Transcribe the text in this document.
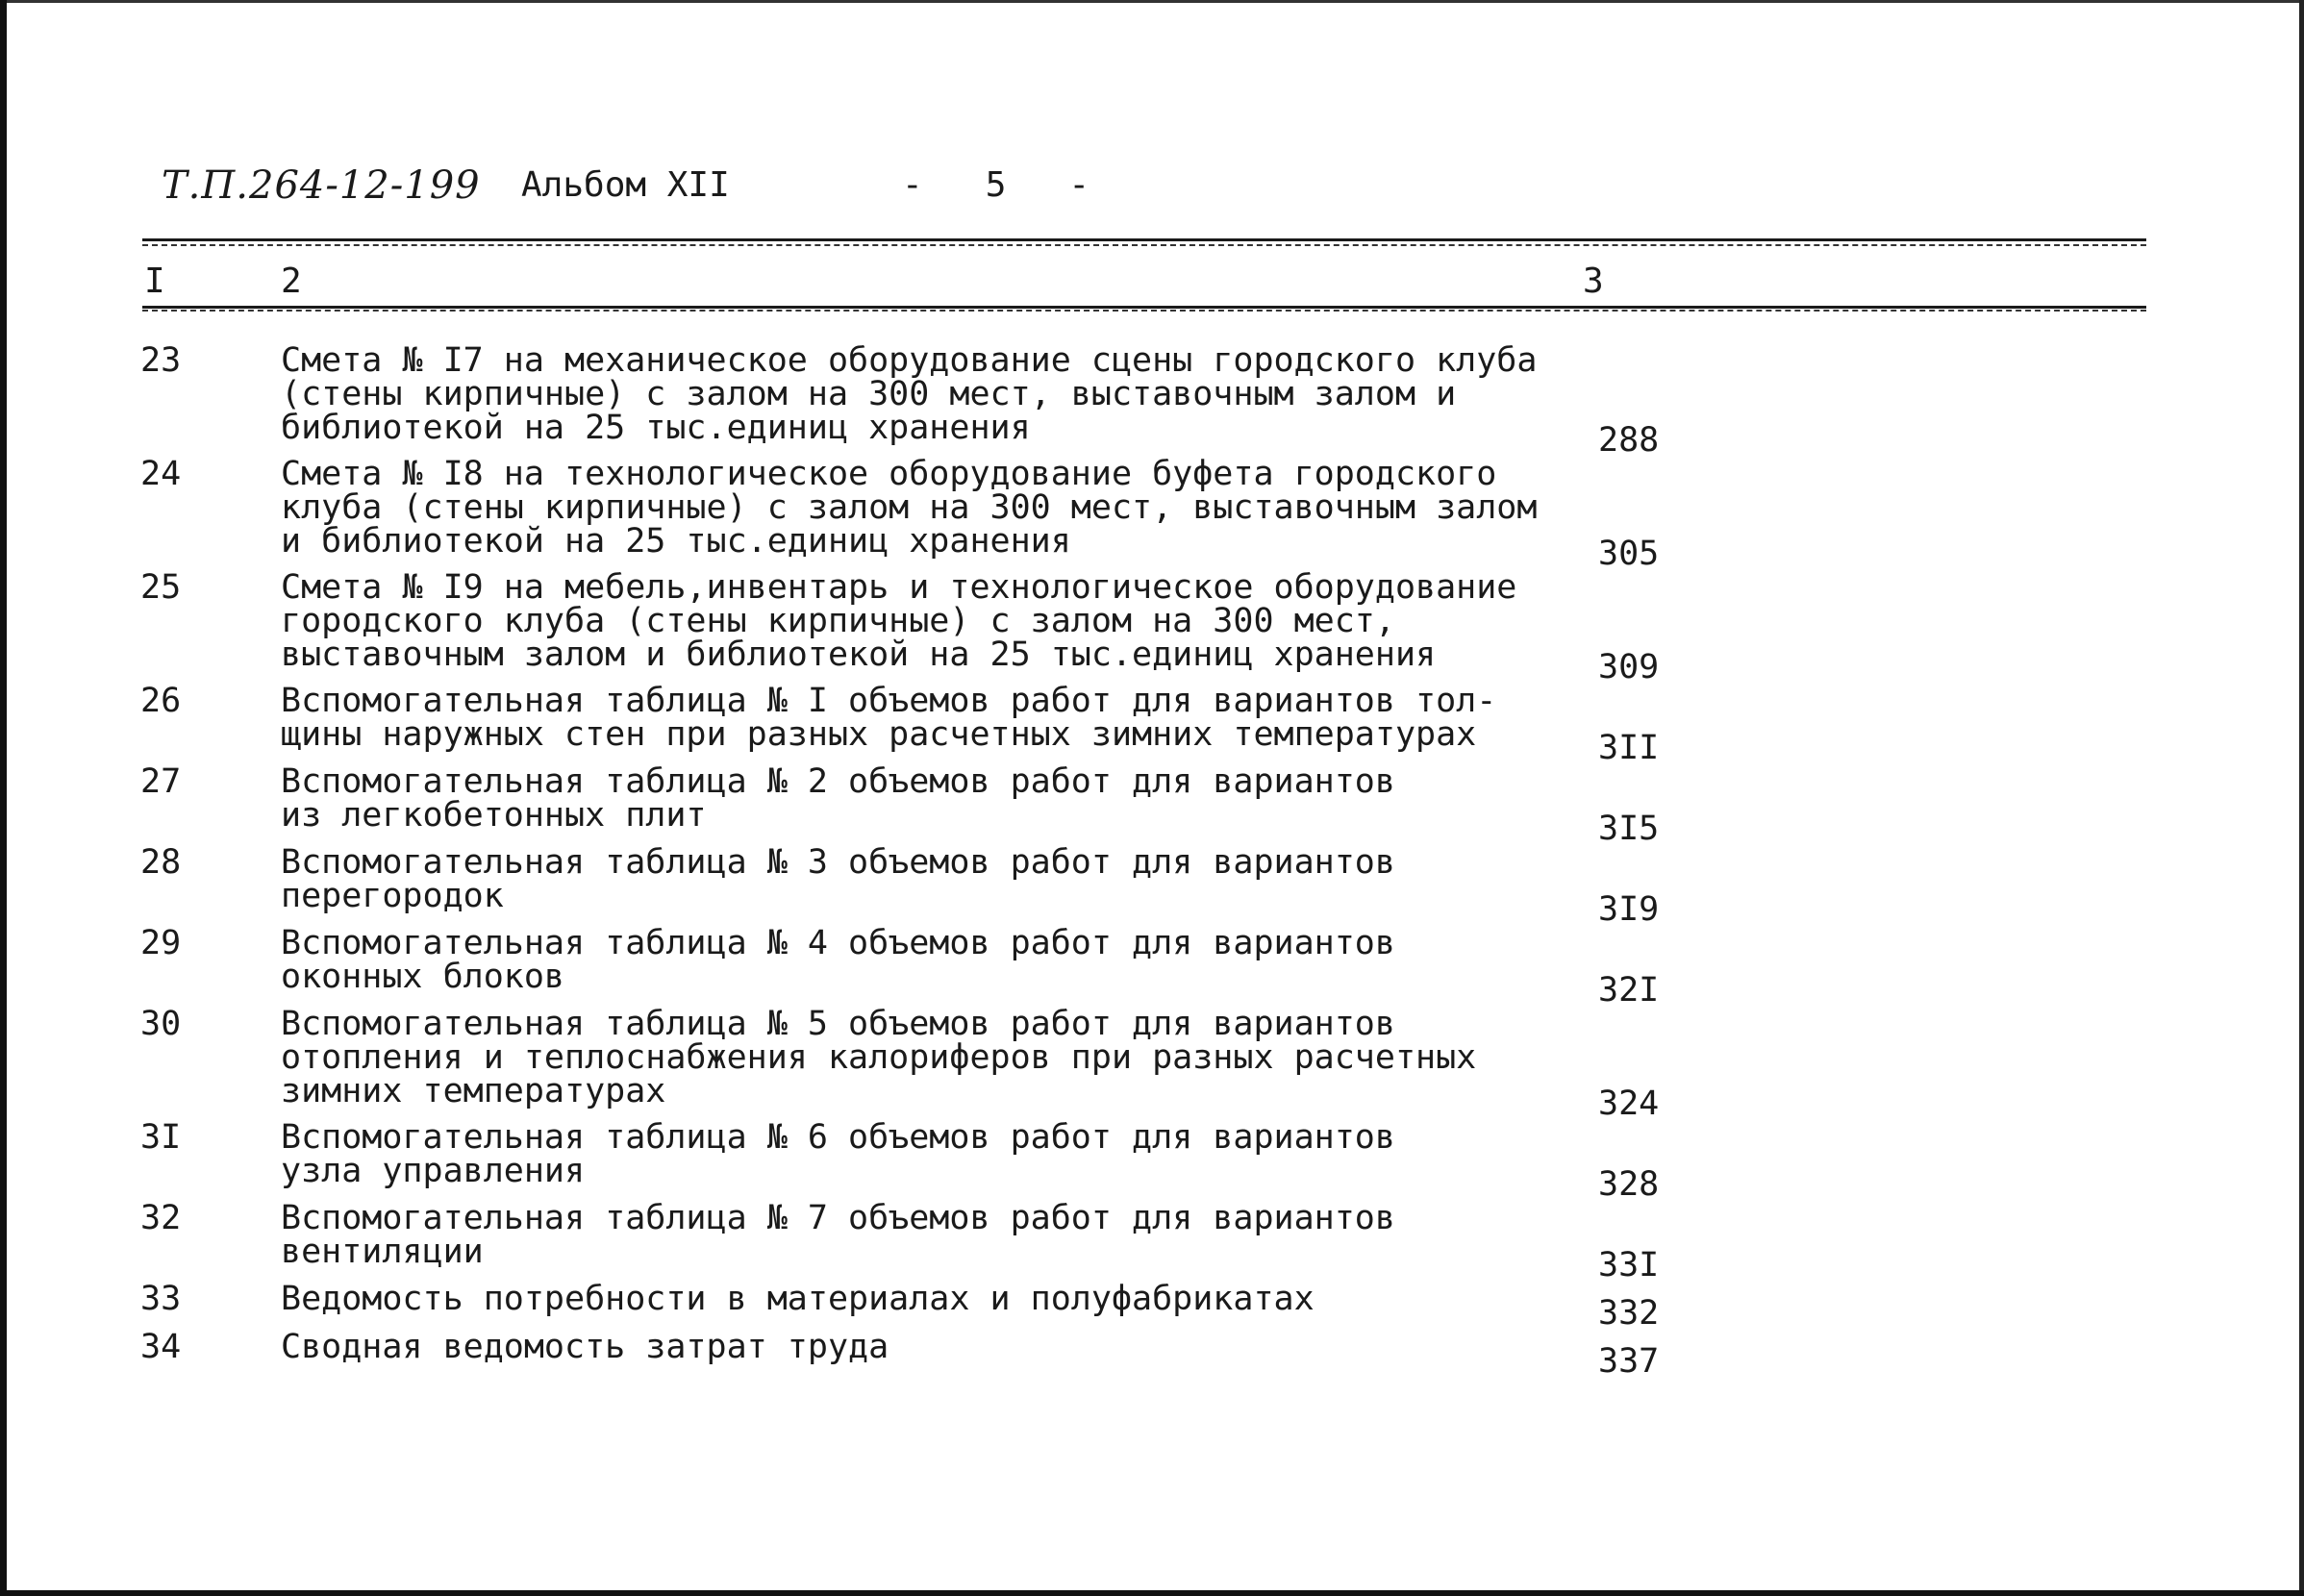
Т.П.264-12-199 Альбом XII	-   5   -
I	2	3
23	Смета № I7 на механическое оборудование сцены городского клуба
(стены кирпичные) с залом на 300 мест, выставочным залом и
библиотекой на 25 тыс.единиц хранения	288
24	Смета № I8 на технологическое оборудование буфета городского
клуба (стены кирпичные) с залом на 300 мест, выставочным залом
и библиотекой на 25 тыс.единиц хранения	305
25	Смета № I9 на мебель,инвентарь и технологическое оборудование
городского клуба (стены кирпичные) с залом на 300 мест,
выставочным залом и библиотекой на 25 тыс.единиц хранения	309
26	Вспомогательная таблица № I объемов работ для вариантов тол-
щины наружных стен при разных расчетных зимних температурах	3II
27	Вспомогательная таблица № 2 объемов работ для вариантов
из легкобетонных плит	3I5
28	Вспомогательная таблица № 3 объемов работ для вариантов
перегородок	3I9
29	Вспомогательная таблица № 4 объемов работ для вариантов
оконных блоков	32I
30	Вспомогательная таблица № 5 объемов работ для вариантов
отопления и теплоснабжения калориферов при разных расчетных
зимних температурах	324
3I	Вспомогательная таблица № 6 объемов работ для вариантов
узла управления	328
32	Вспомогательная таблица № 7 объемов работ для вариантов
вентиляции	33I
33	Ведомость потребности в материалах и полуфабрикатах	332
34	Сводная ведомость затрат труда	337
